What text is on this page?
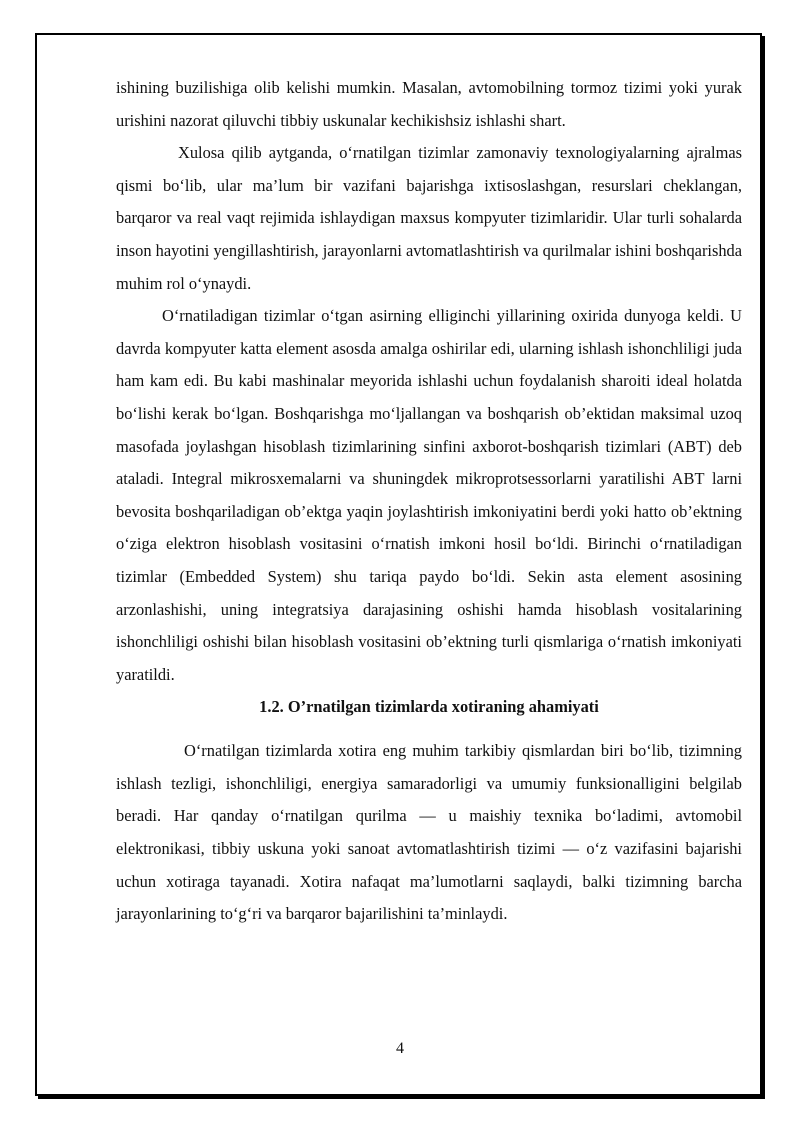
ishining buzilishiga olib kelishi mumkin. Masalan, avtomobilning tormoz tizimi yoki yurak urishini nazorat qiluvchi tibbiy uskunalar kechikishsiz ishlashi shart.

Xulosa qilib aytganda, o‘rnatilgan tizimlar zamonaviy texnologiyalarning ajralmas qismi bo‘lib, ular ma’lum bir vazifani bajarishga ixtisoslashgan, resurslari cheklangan, barqaror va real vaqt rejimida ishlaydigan maxsus kompyuter tizimlaridir. Ular turli sohalarda inson hayotini yengillashtirish, jarayonlarni avtomatlashtirish va qurilmalar ishini boshqarishda muhim rol o‘ynaydi.

O‘rnatiladigan tizimlar o‘tgan asirning elliginchi yillarining oxirida dunyoga keldi. U davrda kompyuter katta element asosda amalga oshirilar edi, ularning ishlash ishonchliligi juda ham kam edi. Bu kabi mashinalar meyorida ishlashi uchun foydalanish sharoiti ideal holatda bo‘lishi kerak bo‘lgan. Boshqarishga mo‘ljallangan va boshqarish ob’ektidan maksimal uzoq masofada joylashgan hisoblash tizimlarining sinfini axborot-boshqarish tizimlari (ABT) deb ataladi. Integral mikrosxemalarni va shuningdek mikroprotsessorlarni yaratilishi ABT larni bevosita boshqariladigan ob’ektga yaqin joylashtirish imkoniyatini berdi yoki hatto ob’ektning o‘ziga elektron hisoblash vositasini o‘rnatish imkoni hosil bo‘ldi. Birinchi o‘rnatiladigan tizimlar (Embedded System) shu tariqa paydo bo‘ldi. Sekin asta element asosining arzonlashishi, uning integratsiya darajasining oshishi hamda hisoblash vositalarining ishonchliligi oshishi bilan hisoblash vositasini ob’ektning turli qismlariga o‘rnatish imkoniyati yaratildi.

1.2. O’rnatilgan tizimlarda xotiraning ahamiyati

O‘rnatilgan tizimlarda xotira eng muhim tarkibiy qismlardan biri bo‘lib, tizimning ishlash tezligi, ishonchliligi, energiya samaradorligi va umumiy funksionalligini belgilab beradi. Har qanday o‘rnatilgan qurilma — u maishiy texnika bo‘ladimi, avtomobil elektronikasi, tibbiy uskuna yoki sanoat avtomatlashtirish tizimi — o‘z vazifasini bajarishi uchun xotiraga tayanadi. Xotira nafaqat ma’lumotlarni saqlaydi, balki tizimning barcha jarayonlarining to‘g‘ri va barqaror bajarilishini ta’minlaydi.

4
